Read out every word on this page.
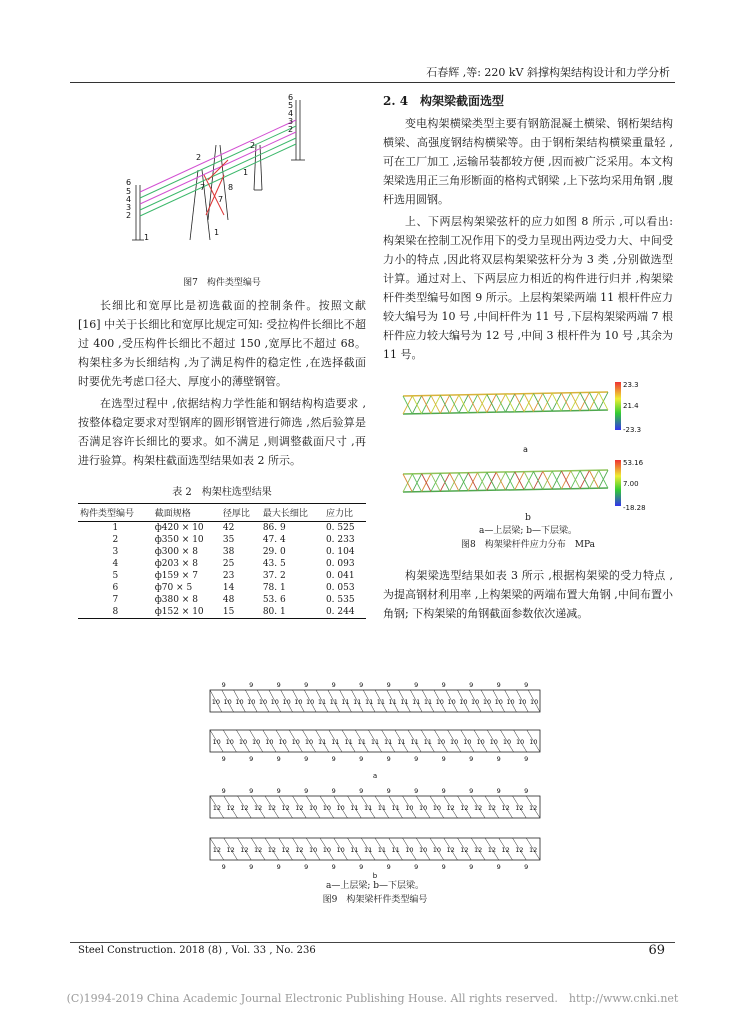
石春辉 ,等: 220 kV 斜撑构架结构设计和力学分析
6
5
4
3
2
6
5
4
3
2
2
1
7
7
8
2
1
1
图7　构件类型编号

长细比和宽厚比是初选截面的控制条件。按照文献 [16] 中关于长细比和宽厚比规定可知: 受拉构件长细比不超过 400 ,受压构件长细比不超过 150 ,宽厚比不超过 68。构架柱多为长细结构 ,为了满足构件的稳定性 ,在选择截面时要优先考虑口径大、厚度小的薄壁钢管。

在选型过程中 ,依据结构力学性能和钢结构构造要求 ,按整体稳定要求对型钢库的圆形钢管进行筛选 ,然后验算是否满足容许长细比的要求。如不满足 ,则调整截面尺寸 ,再进行验算。构架柱截面选型结果如表 2 所示。

表 2　构架柱选型结果
构件类型编号	截面规格	径厚比	最大长细比	应力比
1	ф420 × 10	42	86. 9	0. 525
2	ф350 × 10	35	47. 4	0. 233
3	ф300 × 8	38	29. 0	0. 104
4	ф203 × 8	25	43. 5	0. 093
5	ф159 × 7	23	37. 2	0. 041
6	ф70 × 5	14	78. 1	0. 053
7	ф380 × 8	48	53. 6	0. 535
8	ф152 × 10	15	80. 1	0. 244
2. 4　构架梁截面选型

变电构架横梁类型主要有钢筋混凝土横梁、钢桁架结构横梁、高强度钢结构横梁等。由于钢桁架结构横梁重量轻 ,可在工厂加工 ,运输吊装都较方便 ,因而被广泛采用。本文构架梁选用正三角形断面的格构式钢梁 ,上下弦均采用角钢 ,腹杆选用圆钢。

上、下两层构架梁弦杆的应力如图 8 所示 ,可以看出: 构架梁在控制工况作用下的受力呈现出两边受力大、中间受力小的特点 ,因此将双层构架梁弦杆分为 3 类 ,分别做选型计算。通过对上、下两层应力相近的构件进行归并 ,构架梁杆件类型编号如图 9 所示。上层构架梁两端 11 根杆件应力较大编号为 10 号 ,中间杆件为 11 号 ,下层构架梁两端 7 根杆件应力较大编号为 12 号 ,中间 3 根杆件为 10 号 ,其余为 11 号。

23.3
21.4
-23.3
53.16
7.00
-18.28
a
b
a—上层梁; b—下层梁。
图8　构架梁杆件应力分布　MPa

构架梁选型结果如表 3 所示 ,根据构架梁的受力特点 ,为提高钢材利用率 ,上构架梁的两端布置大角钢 ,中间布置小角钢; 下构架梁的角钢截面参数依次递减。

10 10 10 10 10 10 10 10 10 11 11 11 11 11 11 11 11 11 11 10 10 10 10 10 10 10 10 10
9	9	9	9	9	9	9	9	9	9	9	9
10 10 10 10 10 10 10 10 11 11 11 11 11 11 11 11 11 10 10 10 10 10 10 10 10
9	9	9	9	9	9	9	9	9	9	9	9
12 12 12 12 12 12 12 10 10 10 11 11 11 11 10 10 10 12 12 12 12 12 12 12
9	9	9	9	9	9	9	9	9	9	9	9
12 12 12 12 12 12 12 10 10 10 11 11 11 11 10 10 10 12 12 12 12 12 12 12
9	9	9	9	9	9	9	9	9	9	9	9
a
b
a—上层梁; b—下层梁。
图9　构架梁杆件类型编号
Steel Construction. 2018 (8) , Vol. 33 , No. 236	69
(C)1994-2019 China Academic Journal Electronic Publishing House. All rights reserved.　http://www.cnki.net
